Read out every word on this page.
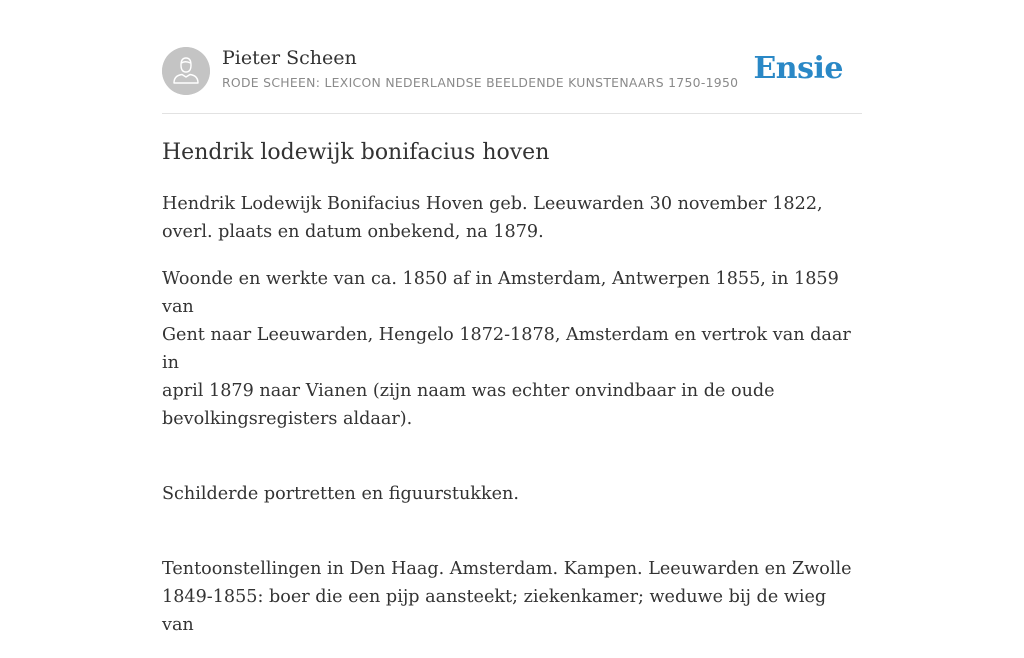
Pieter Scheen
RODE SCHEEN: LEXICON NEDERLANDSE BEELDENDE KUNSTENAARS 1750-1950 Ensie
Hendrik lodewijk bonifacius hoven

Hendrik Lodewijk Bonifacius Hoven geb. Leeuwarden 30 november 1822, overl. plaats en datum onbekend, na 1879.

Woonde en werkte van ca. 1850 af in Amsterdam, Antwerpen 1855, in 1859 van
Gent naar Leeuwarden, Hengelo 1872-1878, Amsterdam en vertrok van daar in
april 1879 naar Vianen (zijn naam was echter onvindbaar in de oude
bevolkingsregisters aldaar).

Schilderde portretten en figuurstukken.

Tentoonstellingen in Den Haag. Amsterdam. Kampen. Leeuwarden en Zwolle
1849-1855: boer die een pijp aansteekt; ziekenkamer; weduwe bij de wieg van
